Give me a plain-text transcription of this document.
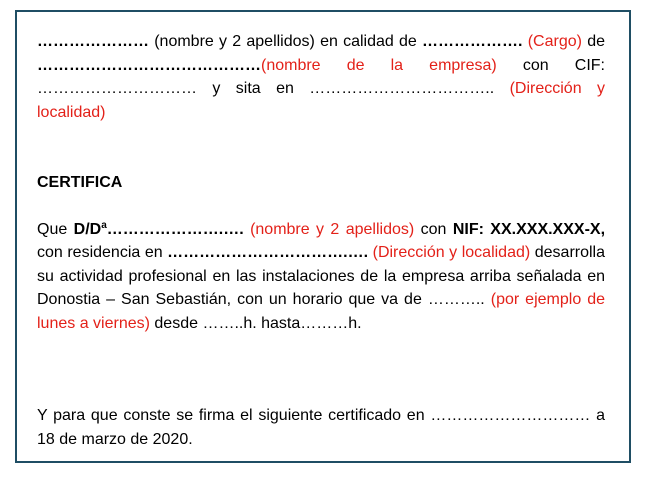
………………… (nombre y 2 apellidos) en calidad de ………………. (Cargo) de ……………………………………(nombre de la empresa) con CIF: ………………………… y sita en …………………………….. (Dirección y localidad)

CERTIFICA

Que $D/D^a\dots\dots\dots\dots\dots\dots\dots.\dots$. (nombre y 2 apellidos) con NIF: XX.XXX.XXX-X, con residencia en …………………………….…. (Dirección y localidad) desarrolla su actividad profesional en las instalaciones de la empresa arriba señalada en Donostia – San Sebastián, con un horario que va de ……….. (por ejemplo de lunes a viernes) desde ……..h. hasta………h.

Y para que conste se firma el siguiente certificado en ………………………… a 18 de marzo de 2020.
